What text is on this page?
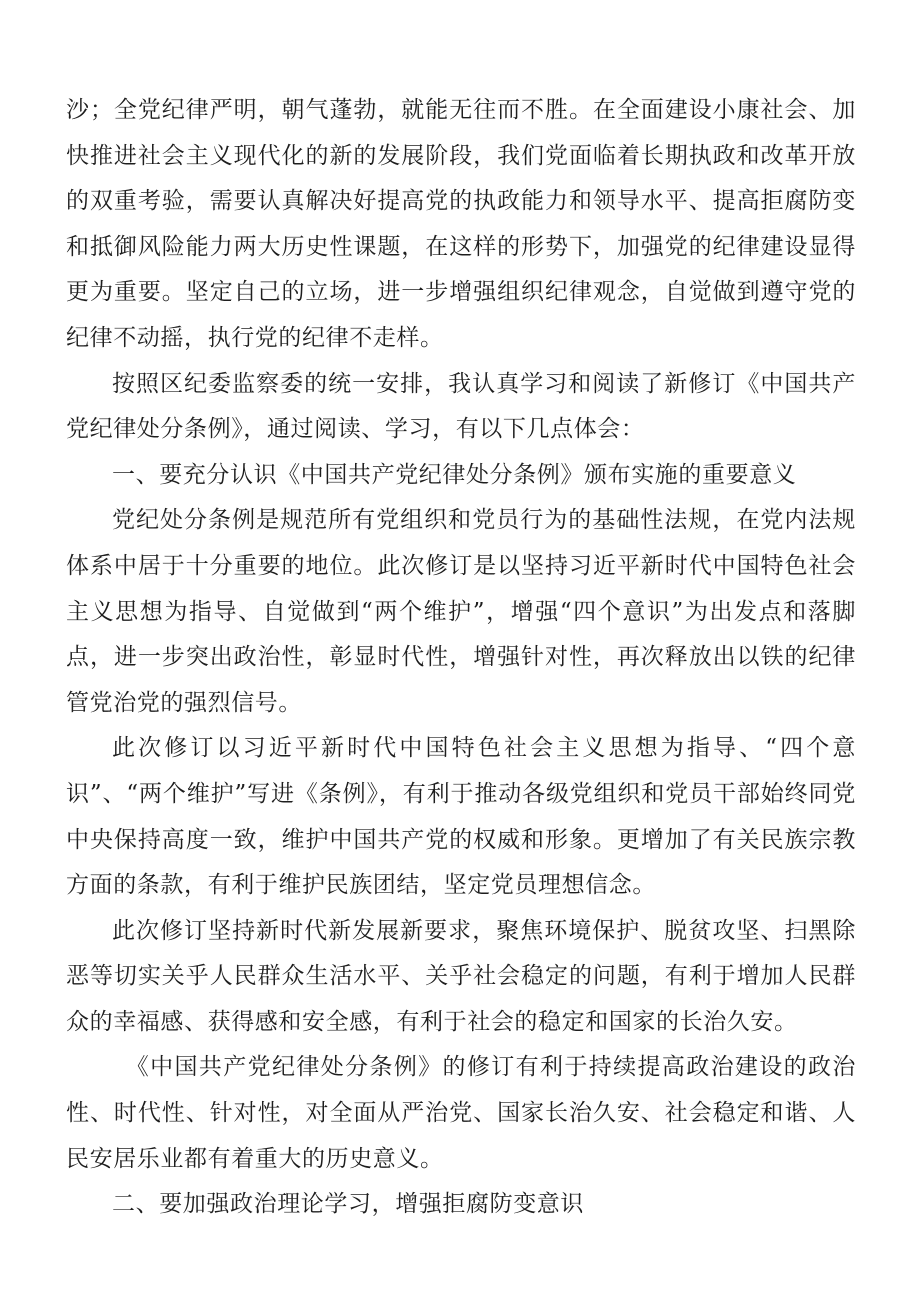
沙；全党纪律严明，朝气蓬勃，就能无往而不胜。在全面建设小康社会、加快推进社会主义现代化的新的发展阶段，我们党面临着长期执政和改革开放的双重考验，需要认真解决好提高党的执政能力和领导水平、提高拒腐防变和抵御风险能力两大历史性课题，在这样的形势下，加强党的纪律建设显得更为重要。坚定自己的立场，进一步增强组织纪律观念，自觉做到遵守党的纪律不动摇，执行党的纪律不走样。

按照区纪委监察委的统一安排，我认真学习和阅读了新修订《中国共产党纪律处分条例》，通过阅读、学习，有以下几点体会：

一、要充分认识《中国共产党纪律处分条例》颁布实施的重要意义

党纪处分条例是规范所有党组织和党员行为的基础性法规，在党内法规体系中居于十分重要的地位。此次修订是以坚持习近平新时代中国特色社会主义思想为指导、自觉做到“两个维护”，增强“四个意识”为出发点和落脚点，进一步突出政治性，彰显时代性，增强针对性，再次释放出以铁的纪律管党治党的强烈信号。

此次修订以习近平新时代中国特色社会主义思想为指导、“四个意识”、“两个维护”写进《条例》，有利于推动各级党组织和党员干部始终同党中央保持高度一致，维护中国共产党的权威和形象。更增加了有关民族宗教方面的条款，有利于维护民族团结，坚定党员理想信念。

此次修订坚持新时代新发展新要求，聚焦环境保护、脱贫攻坚、扫黑除恶等切实关乎人民群众生活水平、关乎社会稳定的问题，有利于增加人民群众的幸福感、获得感和安全感，有利于社会的稳定和国家的长治久安。

《中国共产党纪律处分条例》的修订有利于持续提高政治建设的政治性、时代性、针对性，对全面从严治党、国家长治久安、社会稳定和谐、人民安居乐业都有着重大的历史意义。

二、要加强政治理论学习，增强拒腐防变意识
